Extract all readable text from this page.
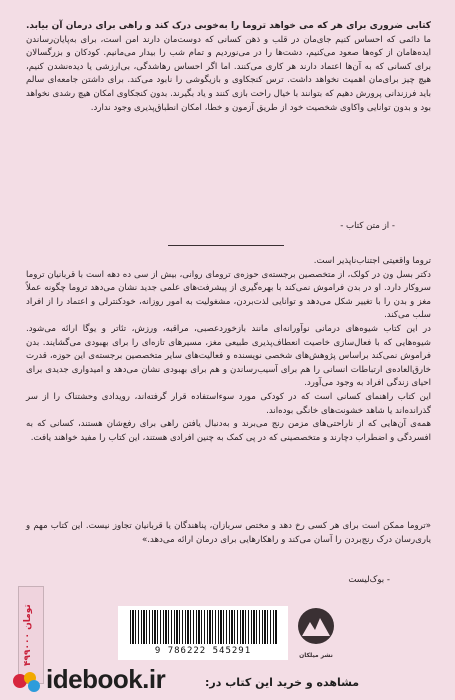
کتابی ضروری برای هر که می خواهد تروما را به‌خوبی درک کند و راهی برای درمان آن بیابد. ما دائمی که احساس کنیم جای‌مان در قلب و ذهن کسانی که دوست‌مان دارند امن است، برای به‌پایان‌رساندن ایده‌هامان از کوه‌ها صعود می‌کنیم، دشت‌ها را در می‌نوردیم و تمام شب را بیدار می‌مانیم. کودکان و بزرگسالان برای کسانی که به آن‌ها اعتماد دارند هر کاری می‌کنند. اما اگر احساس رهاشدگی، بی‌ارزشی یا دیده‌نشدن کنیم، هیچ چیز برای‌مان اهمیت نخواهد داشت. ترس کنجکاوی و بازیگوشی را نابود می‌کند. برای داشتن جامعه‌ای سالم باید فرزندانی پرورش دهیم که بتوانند با خیال راحت بازی کنند و یاد بگیرند. بدون کنجکاوی امکان هیچ رشدی نخواهد بود و بدون توانایی واکاوی شخصیت خود از طریق آزمون و خطا، امکان انطباق‌پذیری وجود ندارد.

- از متن کتاب -

تروما واقعیتی اجتناب‌ناپذیر است.

دکتر بسل ون در کولک، از متخصصین برجسته‌ی حوزه‌ی ترومای روانی، بیش از سی ده دهه است با قربانیان تروما سروکار دارد. او در بدن فراموش نمی‌کند با بهره‌گیری از پیشرفت‌های علمی جدید نشان می‌دهد تروما چگونه عملاً مغز و بدن را با تغییر شکل می‌دهد و توانایی لذت‌بردن، مشغولیت به امور روزانه، خودکنترلی و اعتماد را از افراد سلب می‌کند.

در این کتاب شیوه‌های درمانی نوآورانه‌ای مانند بازخوردعصبی، مراقبه، ورزش، تئاتر و یوگا ارائه می‌شود. شیوه‌هایی که با فعال‌سازی خاصیت انعطاف‌پذیری طبیعی مغز، مسیرهای تازه‌ای را برای بهبودی می‌گشایند. بدن فراموش نمی‌کند براساس پژوهش‌های شخصی نویسنده و فعالیت‌های سایر متخصصین برجسته‌ی این حوزه، قدرت خارق‌العاده‌ی ارتباطات انسانی را هم برای آسیب‌رساندن و هم برای بهبودی نشان می‌دهد و امیدواری جدیدی برای احیای زندگی افراد به وجود می‌آورد.

این کتاب راهنمای کسانی است که در کودکی مورد سوءاستفاده قرار گرفته‌اند، رویدادی وحشتناک را از سر گذرانده‌اند یا شاهد خشونت‌های خانگی بوده‌اند.

همه‌ی آن‌هایی که از ناراحتی‌های مزمن رنج می‌برند و به‌دنبال یافتن راهی برای رفع‌شان هستند، کسانی که به افسردگی و اضطراب دچارند و متخصصینی که در پی کمک به چنین افرادی هستند، این کتاب را مفید خواهند یافت.

«تروما ممکن است برای هر کسی رخ دهد و مختص سربازان، پناهندگان یا قربانیان تجاوز نیست. این کتاب مهم و یاری‌رسان درک رنج‌بردن را آسان می‌کند و راهکارهایی برای درمان ارائه می‌دهد.»
- بوک‌لیست
۴۹۹۰۰۰ تومان
9 786222 545291	نشر میلکان
idebook.ir	مشاهده و خرید این کتاب در:
